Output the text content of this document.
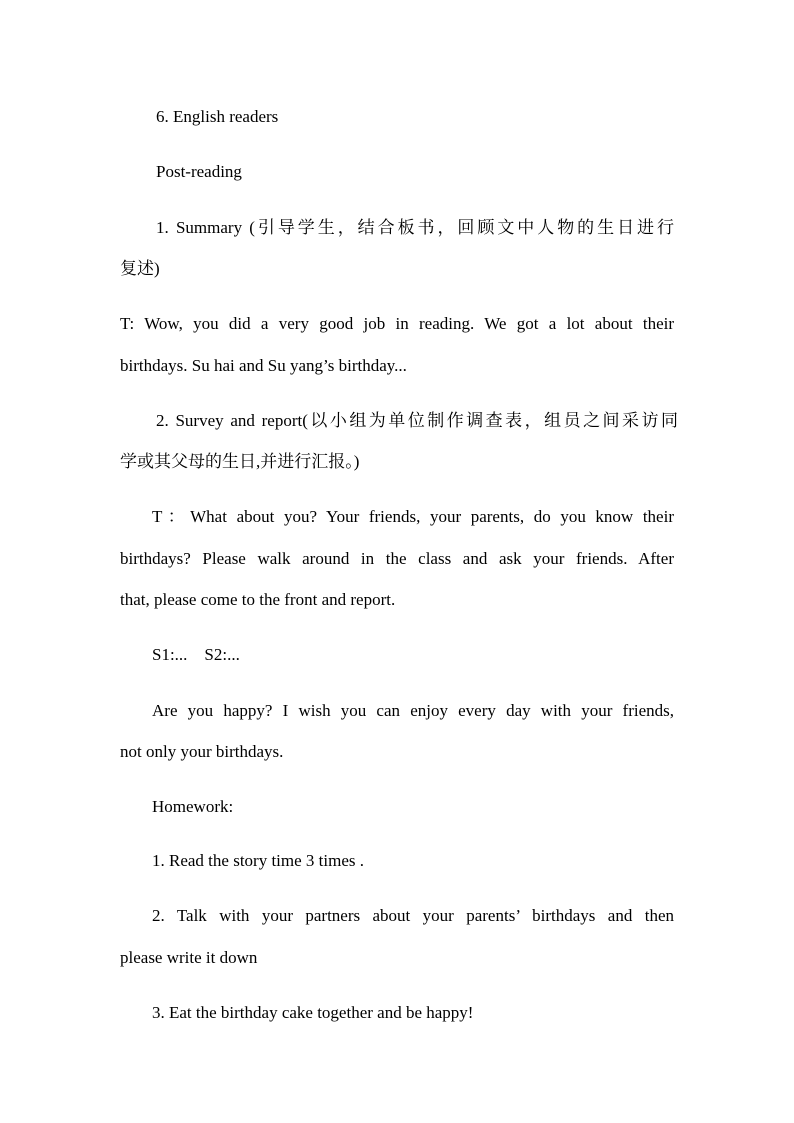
6. English readers
Post-reading
1. Summary (引导学生，结合板书，回顾文中人物的生日进行
复述)
T: Wow, you did a very good job in reading. We got a lot about their
birthdays. Su hai and Su yang’s birthday...
2. Survey and report(以小组为单位制作调查表，组员之间采访同
学或其父母的生日,并进行汇报。)
T：What about you? Your friends, your parents, do you know their
birthdays? Please walk around in the class and ask your friends. After
that, please come to the front and report.
S1:...    S2:...
Are you happy? I wish you can enjoy every day with your friends,
not only your birthdays.
Homework:
1. Read the story time 3 times .
2. Talk with your partners about your parents’ birthdays and then
please write it down
3. Eat the birthday cake together and be happy!
